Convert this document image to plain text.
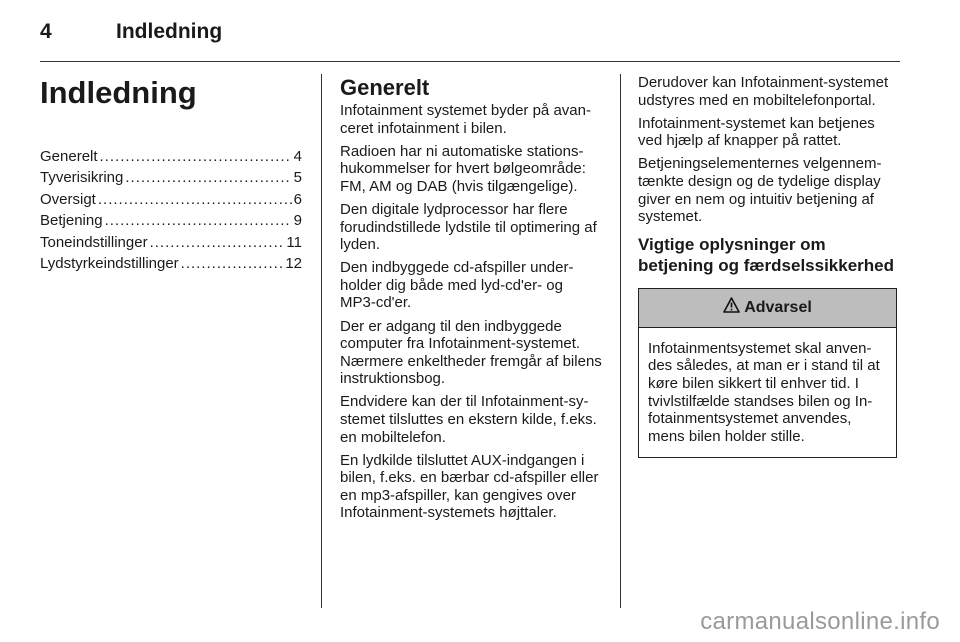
4	Indledning
Indledning
Generelt .....	4
Tyverisikring .....	5
Oversigt .....	6
Betjening .....	9
Toneindstillinger .....	11
Lydstyrkeindstillinger .....	12
Generelt

Infotainment systemet byder på avanceret infotainment i bilen.

Radioen har ni automatiske stationshukommelser for hvert bølgeområde: FM, AM og DAB (hvis tilgængelige).

Den digitale lydprocessor har flere forudindstillede lydstile til optimering af lyden.

Den indbyggede cd-afspiller underholder dig både med lyd-cd'er- og MP3-cd'er.

Der er adgang til den indbyggede computer fra Infotainment-systemet. Nærmere enkeltheder fremgår af bilens instruktionsbog.

Endvidere kan der til Infotainment-systemet tilsluttes en ekstern kilde, f.eks. en mobiltelefon.

En lydkilde tilsluttet AUX-indgangen i bilen, f.eks. en bærbar cd-afspiller eller en mp3-afspiller, kan gengives over Infotainment-systemets højttaler.

Derudover kan Infotainment-systemet udstyres med en mobiltelefonportal.

Infotainment-systemet kan betjenes ved hjælp af knapper på rattet.

Betjeningselementernes velgennemtænkte design og de tydelige display giver en nem og intuitiv betjening af systemet.

Vigtige oplysninger om
betjening og færdselssikkerhed
Advarsel

Infotainmentsystemet skal anvendes således, at man er i stand til at køre bilen sikkert til enhver tid. I tvivlstilfælde standses bilen og Infotainmentsystemet anvendes, mens bilen holder stille.

carmanualsonline.info
